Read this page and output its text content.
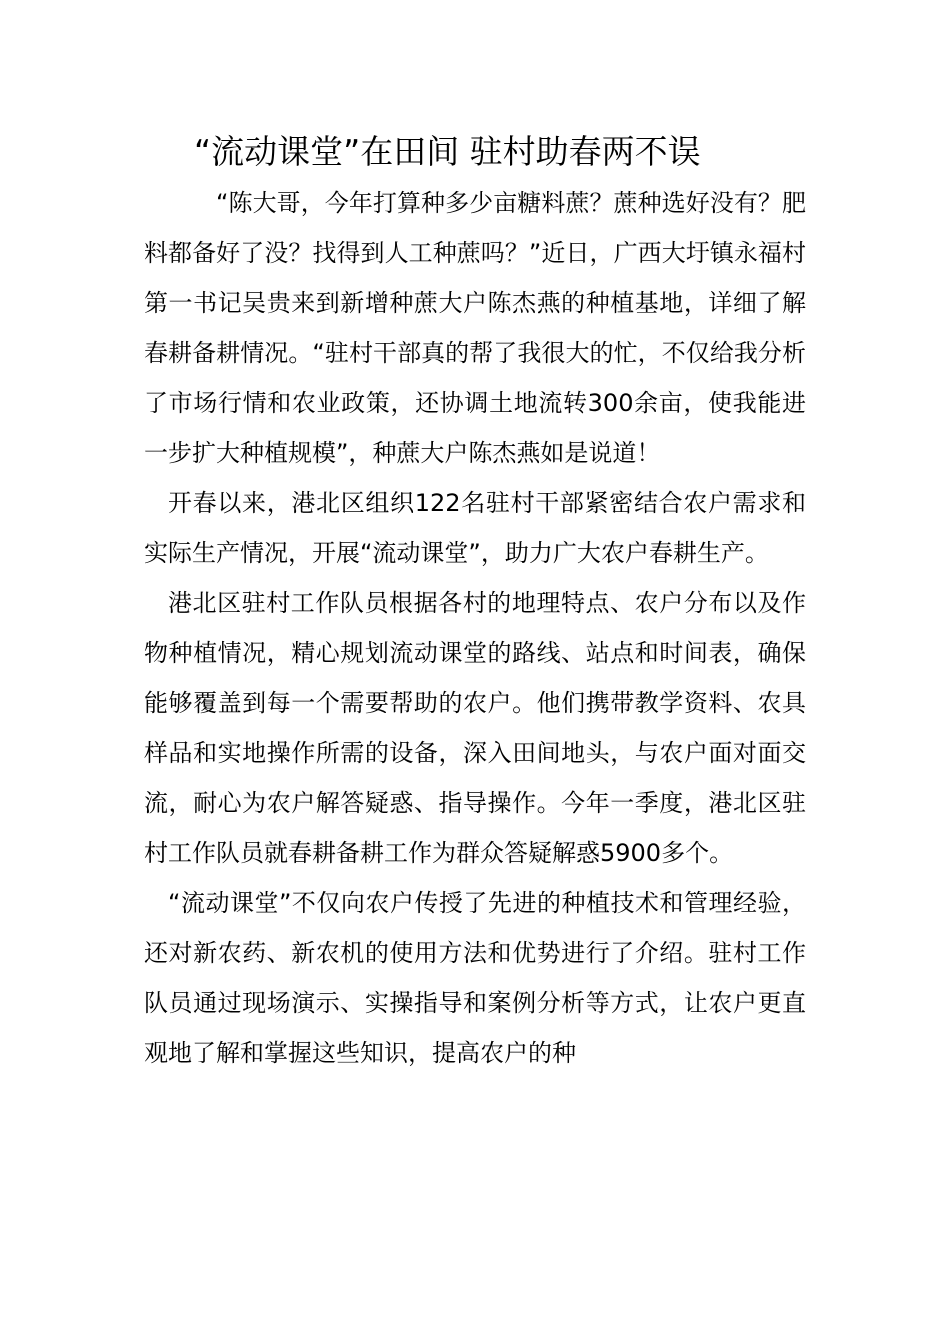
“流动课堂”在田间 驻村助春两不误

“陈大哥，今年打算种多少亩糖料蔗？蔗种选好没有？肥料都备好了没？找得到人工种蔗吗？”近日，广西大圩镇永福村第一书记吴贵来到新增种蔗大户陈杰燕的种植基地，详细了解春耕备耕情况。“驻村干部真的帮了我很大的忙，不仅给我分析了市场行情和农业政策，还协调土地流转300余亩，使我能进一步扩大种植规模”，种蔗大户陈杰燕如是说道！

开春以来，港北区组织122名驻村干部紧密结合农户需求和实际生产情况，开展“流动课堂”，助力广大农户春耕生产。

港北区驻村工作队员根据各村的地理特点、农户分布以及作物种植情况，精心规划流动课堂的路线、站点和时间表，确保能够覆盖到每一个需要帮助的农户。他们携带教学资料、农具样品和实地操作所需的设备，深入田间地头，与农户面对面交流，耐心为农户解答疑惑、指导操作。今年一季度，港北区驻村工作队员就春耕备耕工作为群众答疑解惑5900多个。

“流动课堂”不仅向农户传授了先进的种植技术和管理经验，还对新农药、新农机的使用方法和优势进行了介绍。驻村工作队员通过现场演示、实操指导和案例分析等方式，让农户更直观地了解和掌握这些知识，提高农户的种
